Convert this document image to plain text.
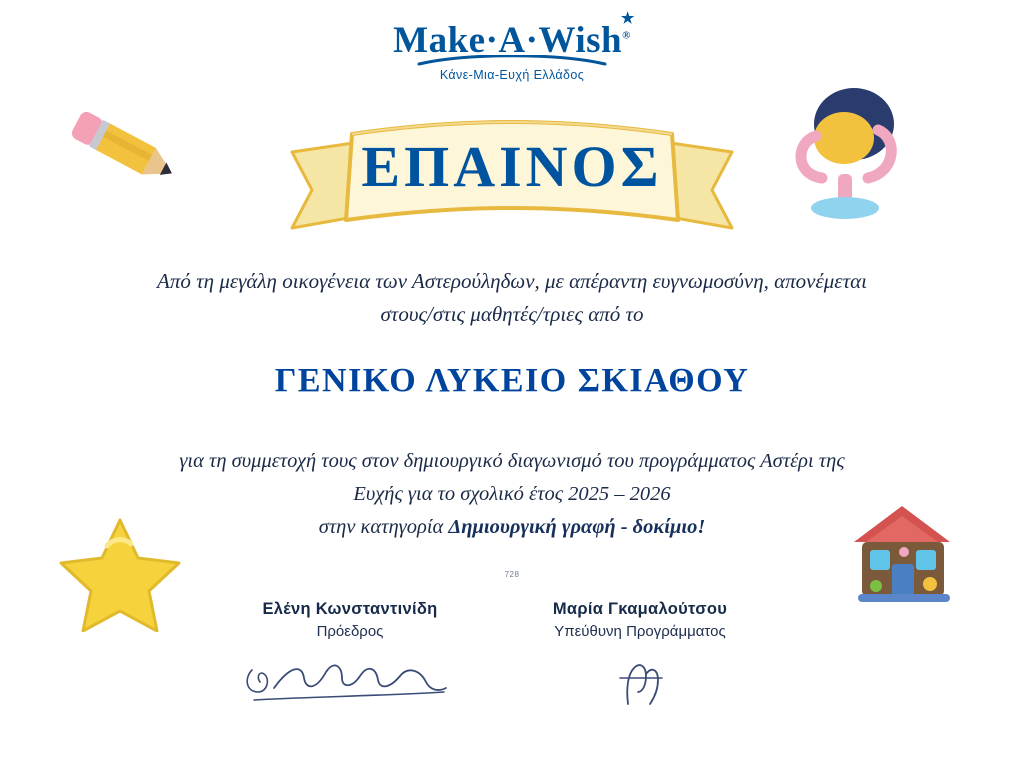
Make·A·Wish®
★
Κάνε-Μια-Ευχή Ελλάδος
ΕΠΑΙΝΟΣ
Από τη μεγάλη οικογένεια των Αστερούληδων, με απέραντη ευγνωμοσύνη, απονέμεται
στους/στις μαθητές/τριες από το
ΓΕΝΙΚΟ ΛΥΚΕΙΟ ΣΚΙΑΘΟΥ
για τη συμμετοχή τους στον δημιουργικό διαγωνισμό του προγράμματος Αστέρι της
Ευχής για το σχολικό έτος 2025 – 2026
στην κατηγορία Δημιουργική γραφή - δοκίμιο!
728
Ελένη Κωνσταντινίδη
Πρόεδρος
Μαρία Γκαμαλούτσου
Υπεύθυνη Προγράμματος
